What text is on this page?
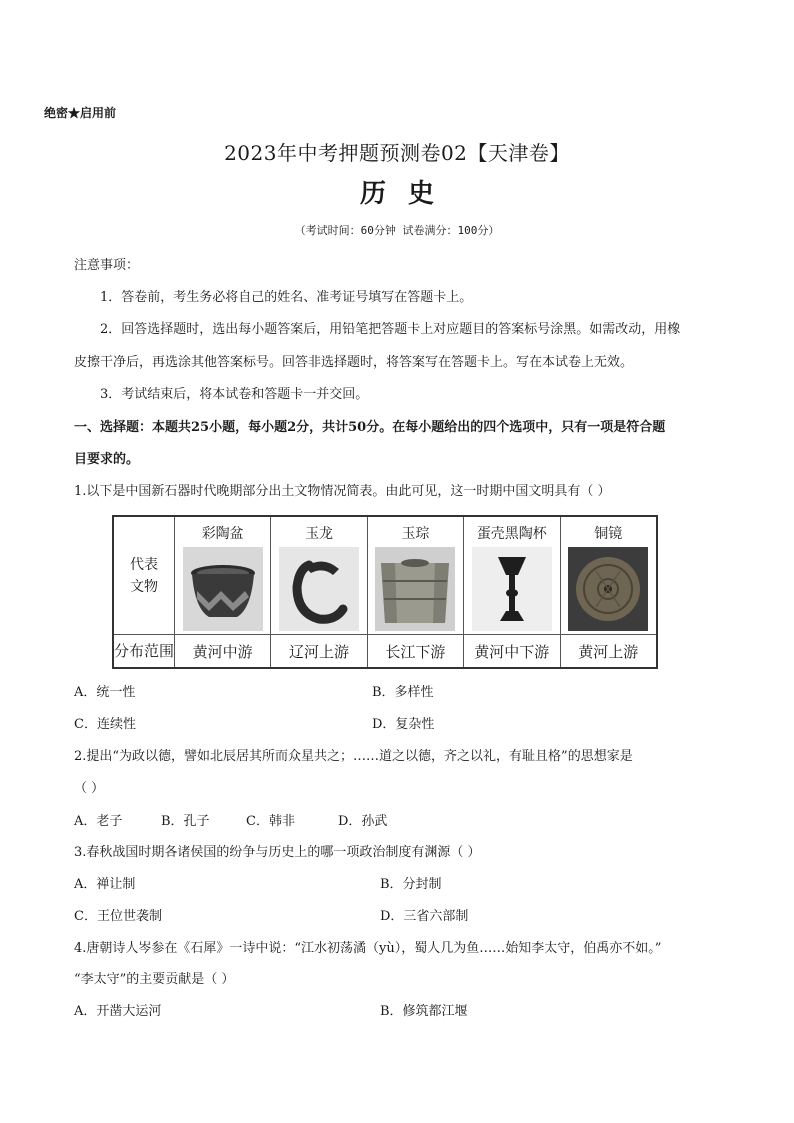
绝密★启用前
2023年中考押题预测卷02【天津卷】
历史
（考试时间：60分钟 试卷满分：100分）
注意事项：
1．答卷前，考生务必将自己的姓名、准考证号填写在答题卡上。
2．回答选择题时，选出每小题答案后，用铅笔把答题卡上对应题目的答案标号涂黑。如需改动，用橡
皮擦干净后，再选涂其他答案标号。回答非选择题时，将答案写在答题卡上。写在本试卷上无效。
3．考试结束后，将本试卷和答题卡一并交回。
一、选择题：本题共25小题，每小题2分，共计50分。在每小题给出的四个选项中，只有一项是符合题
目要求的。
1.以下是中国新石器时代晚期部分出土文物情况简表。由此可见，这一时期中国文明具有（ ）
代表
文物	彩陶盆	玉龙	玉琮	蛋壳黑陶杯	铜镜

分布范围	黄河中游	辽河上游	长江下游	黄河中下游	黄河上游
A．统一性	B．多样性
C．连续性	D．复杂性
2.提出“为政以德，譬如北辰居其所而众星共之；……道之以德，齐之以礼，有耻且格”的思想家是
（ ）
A．老子	B．孔子	C．韩非	D．孙武
3.春秋战国时期各诸侯国的纷争与历史上的哪一项政治制度有渊源（ ）
A．禅让制	B．分封制
C．王位世袭制	D．三省六部制
4.唐朝诗人岑参在《石犀》一诗中说：“江水初荡潏（yù），蜀人几为鱼……始知李太守，伯禹亦不如。”
“李太守”的主要贡献是（ ）
A．开凿大运河	B．修筑都江堰
